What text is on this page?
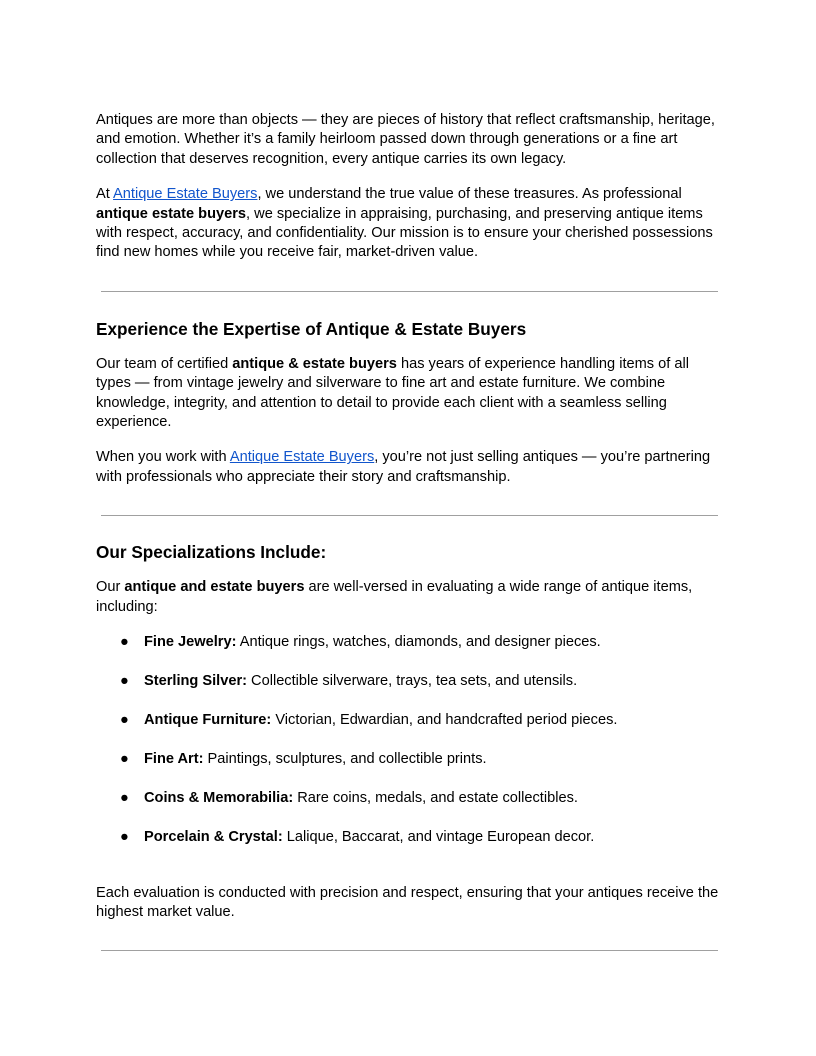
Antiques are more than objects — they are pieces of history that reflect craftsmanship, heritage, and emotion. Whether it’s a family heirloom passed down through generations or a fine art collection that deserves recognition, every antique carries its own legacy.

At Antique Estate Buyers, we understand the true value of these treasures. As professional antique estate buyers, we specialize in appraising, purchasing, and preserving antique items with respect, accuracy, and confidentiality. Our mission is to ensure your cherished possessions find new homes while you receive fair, market-driven value.

Experience the Expertise of Antique & Estate Buyers

Our team of certified antique & estate buyers has years of experience handling items of all types — from vintage jewelry and silverware to fine art and estate furniture. We combine knowledge, integrity, and attention to detail to provide each client with a seamless selling experience.

When you work with Antique Estate Buyers, you’re not just selling antiques — you’re partnering with professionals who appreciate their story and craftsmanship.

Our Specializations Include:

Our antique and estate buyers are well-versed in evaluating a wide range of antique items, including:

● Fine Jewelry: Antique rings, watches, diamonds, and designer pieces.
● Sterling Silver: Collectible silverware, trays, tea sets, and utensils.
● Antique Furniture: Victorian, Edwardian, and handcrafted period pieces.
● Fine Art: Paintings, sculptures, and collectible prints.
● Coins & Memorabilia: Rare coins, medals, and estate collectibles.
● Porcelain & Crystal: Lalique, Baccarat, and vintage European decor.

Each evaluation is conducted with precision and respect, ensuring that your antiques receive the highest market value.
